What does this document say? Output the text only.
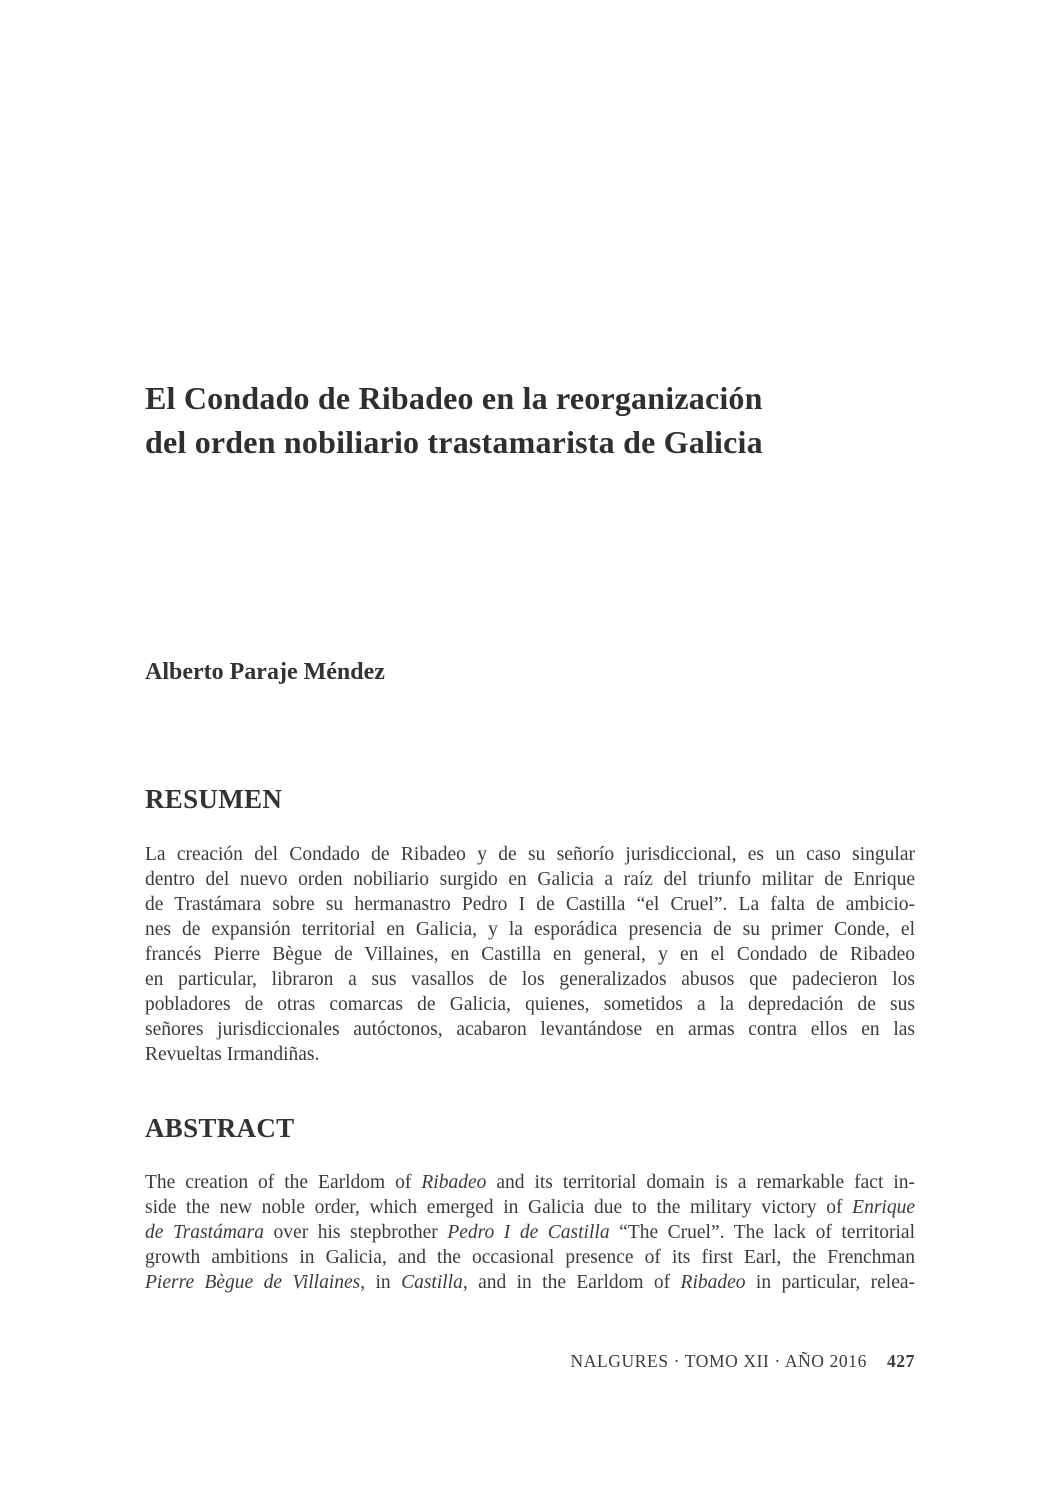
El Condado de Ribadeo en la reorganización
del orden nobiliario trastamarista de Galicia
Alberto Paraje Méndez
RESUMEN
La creación del Condado de Ribadeo y de su señorío jurisdiccional, es un caso singular
dentro del nuevo orden nobiliario surgido en Galicia a raíz del triunfo militar de Enrique
de Trastámara sobre su hermanastro Pedro I de Castilla “el Cruel”. La falta de ambicio-
nes de expansión territorial en Galicia, y la esporádica presencia de su primer Conde, el
francés Pierre Bègue de Villaines, en Castilla en general, y en el Condado de Ribadeo
en particular, libraron a sus vasallos de los generalizados abusos que padecieron los
pobladores de otras comarcas de Galicia, quienes, sometidos a la depredación de sus
señores jurisdiccionales autóctonos, acabaron levantándose en armas contra ellos en las
Revueltas Irmandiñas.
ABSTRACT
The creation of the Earldom of Ribadeo and its territorial domain is a remarkable fact in-
side the new noble order, which emerged in Galicia due to the military victory of Enrique
de Trastámara over his stepbrother Pedro I de Castilla “The Cruel”. The lack of territorial
growth ambitions in Galicia, and the occasional presence of its first Earl, the Frenchman
Pierre Bègue de Villaines, in Castilla, and in the Earldom of Ribadeo in particular, relea-
NALGURES · TOMO XII · AÑO 2016 427
